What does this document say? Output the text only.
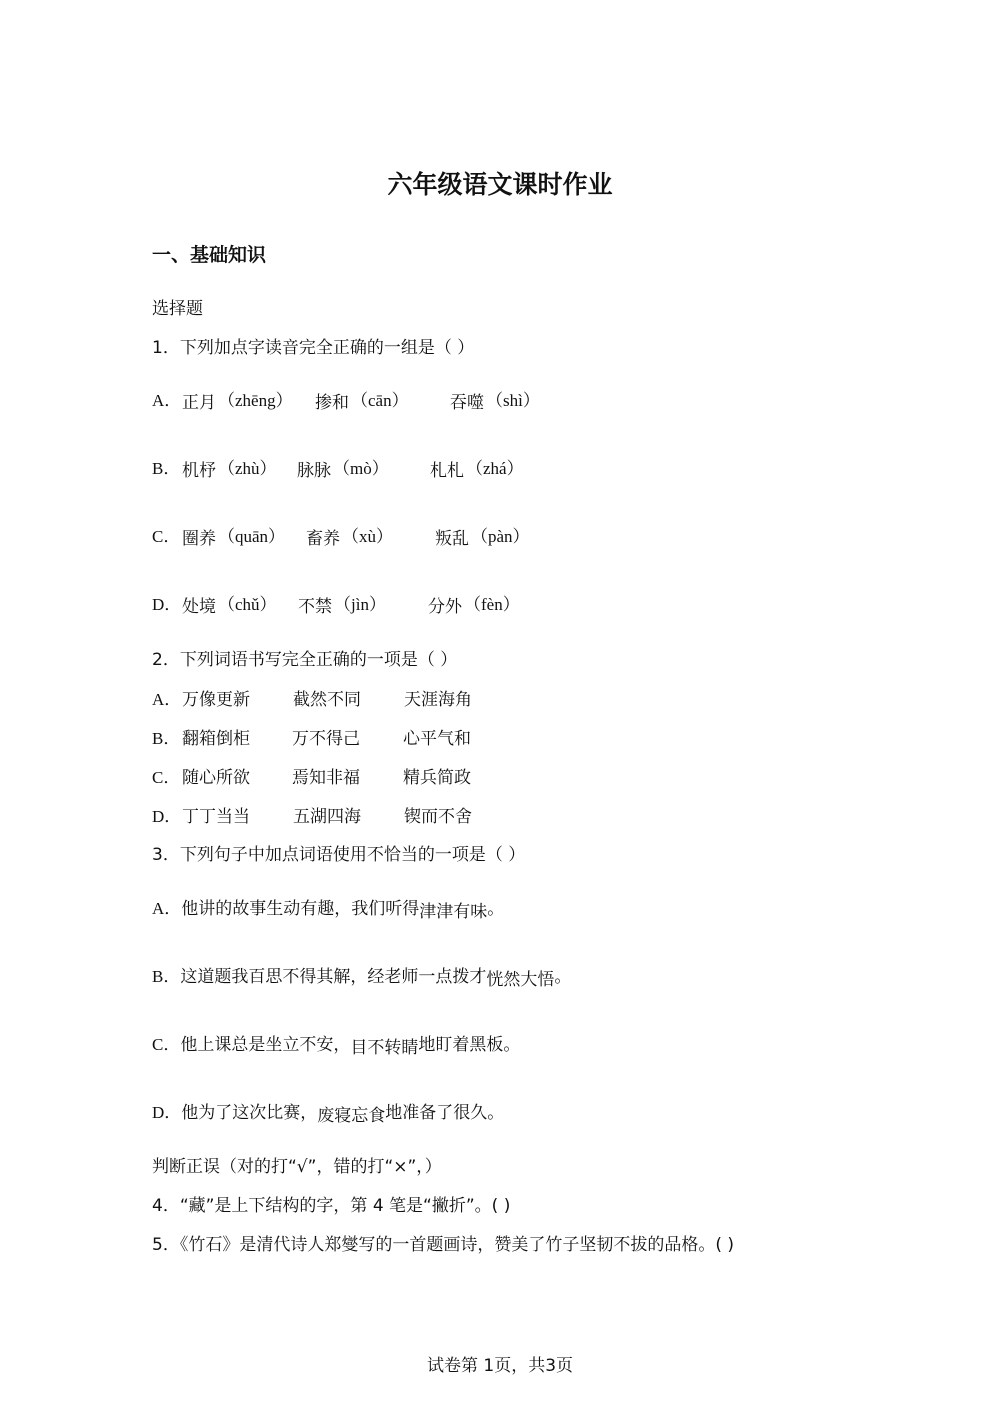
六年级语文课时作业
一、基础知识
选择题
1．下列加点字读音完全正确的一组是（ ）
A． 正月 （zhēng） 掺和 （cān） 吞噬 （shì）
B． 机杼 （zhù） 脉脉 （mò） 札札 （zhá）
C． 圈养 （quān） 畜养 （xù） 叛乱 （pàn）
D． 处境 （chǔ） 不禁 （jìn） 分外 （fèn）
2．下列词语书写完全正确的一项是（ ）
A． 万像更新	截然不同	天涯海角
B． 翻箱倒柜 万不得己	心平气和
C． 随心所欲 焉知非福	精兵简政
D． 丁丁当当	五湖四海	锲而不舍
3．下列句子中加点词语使用不恰当的一项是（ ）
A．他讲的故事生动有趣，我们听得津津有味。
B．这道题我百思不得其解，经老师一点拨才恍然大悟。
C．他上课总是坐立不安，目不转睛地盯着黑板。
D．他为了这次比赛，废寝忘食地准备了很久。
判断正误（对的打“√”，错的打“×”，）
4．“藏”是上下结构的字，第 4 笔是“撇折”。( )
5．《竹石》是清代诗人郑燮写的一首题画诗，赞美了竹子坚韧不拔的品格。( )
试卷第 1页，共3页
